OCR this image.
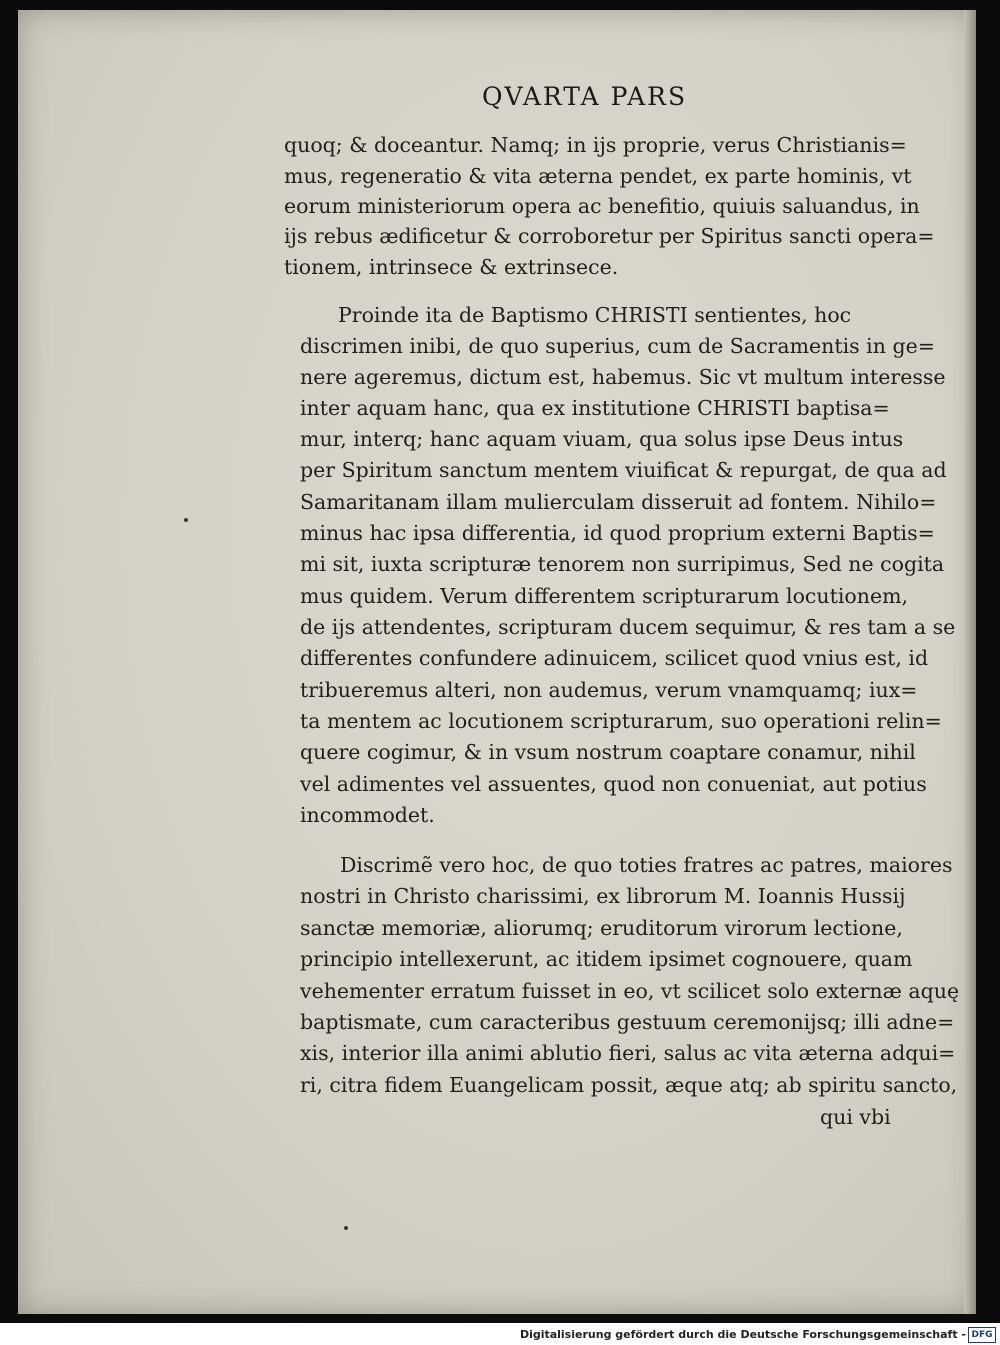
QVARTA PARS
quoq; & doceantur. Namq; in ijs proprie, verus Christianis=
mus, regeneratio & vita æterna pendet, ex parte hominis, vt
eorum ministeriorum opera ac benefitio, quiuis saluandus, in
ijs rebus ædificetur & corroboretur per Spiritus sancti opera=
tionem, intrinsece & extrinsece.
Proinde ita de Baptismo CHRISTI sentientes, hoc
discrimen inibi, de quo superius, cum de Sacramentis in ge=
nere ageremus, dictum est, habemus. Sic vt multum interesse
inter aquam hanc, qua ex institutione CHRISTI baptisa=
mur, interq; hanc aquam viuam, qua solus ipse Deus intus
per Spiritum sanctum mentem viuificat & repurgat, de qua ad
Samaritanam illam mulierculam disseruit ad fontem. Nihilo=
minus hac ipsa differentia, id quod proprium externi Baptis=
mi sit, iuxta scripturæ tenorem non surripimus, Sed ne cogita
mus quidem. Verum differentem scripturarum locutionem,
de ijs attendentes, scripturam ducem sequimur, & res tam a se
differentes confundere adinuicem, scilicet quod vnius est, id
tribueremus alteri, non audemus, verum vnamquamq; iux=
ta mentem ac locutionem scripturarum, suo operationi relin=
quere cogimur, & in vsum nostrum coaptare conamur, nihil
vel adimentes vel assuentes, quod non conueniat, aut potius
incommodet.
Discrimẽ vero hoc, de quo toties fratres ac patres, maiores
nostri in Christo charissimi, ex librorum M. Ioannis Hussij
sanctæ memoriæ, aliorumq; eruditorum virorum lectione,
principio intellexerunt, ac itidem ipsimet cognouere, quam
vehementer erratum fuisset in eo, vt scilicet solo externæ aquę
baptismate, cum caracteribus gestuum ceremonijsq; illi adne=
xis, interior illa animi ablutio fieri, salus ac vita æterna adqui=
ri, citra fidem Euangelicam possit, æque atq; ab spiritu sancto,
qui vbi
Digitalisierung gefördert durch die Deutsche Forschungsgemeinschaft - DFG
